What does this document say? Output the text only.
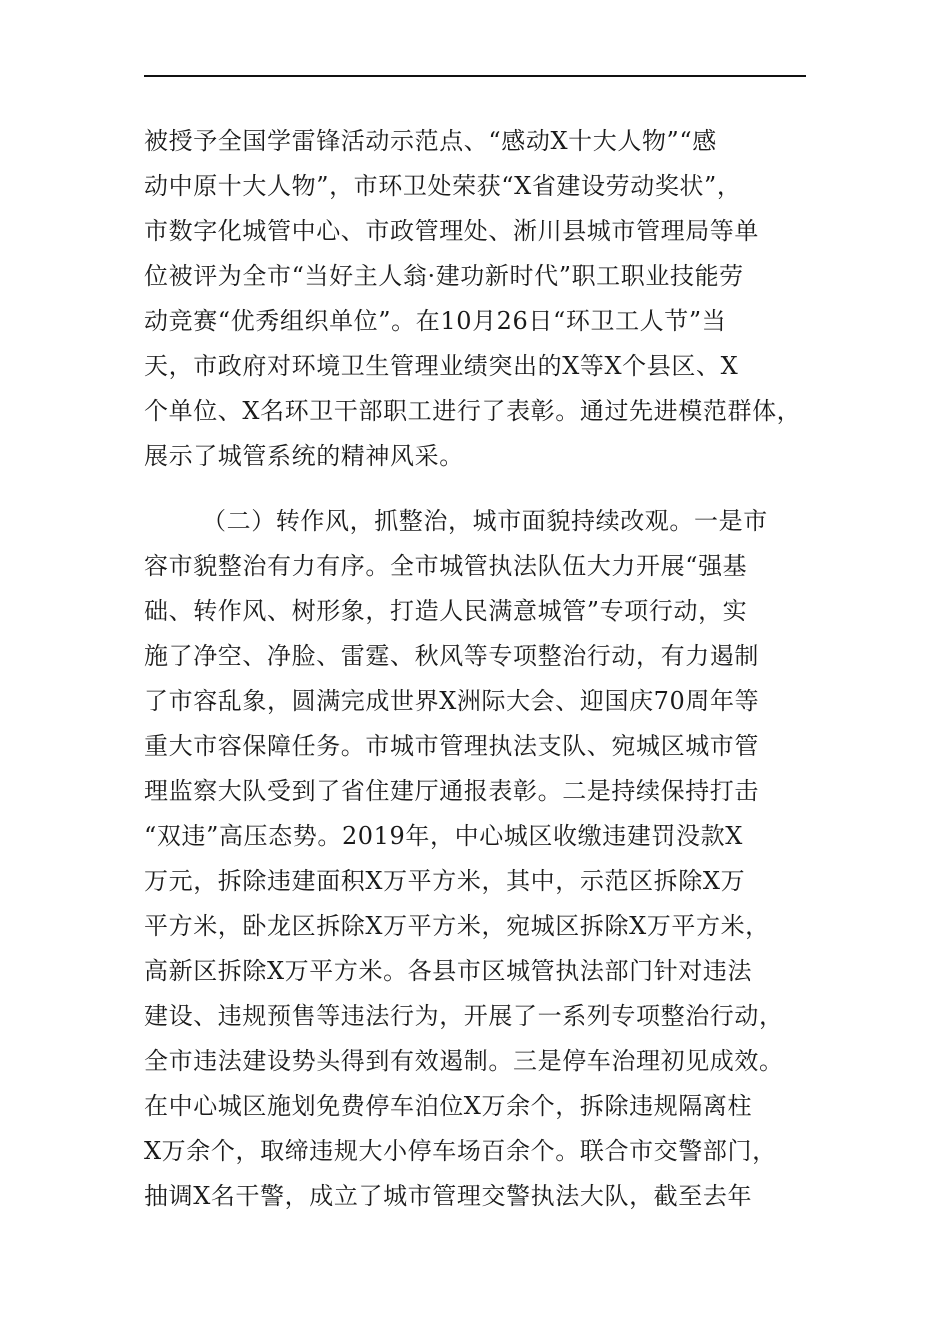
被授予全国学雷锋活动示范点、“感动X十大人物”“感
动中原十大人物”，市环卫处荣获“X省建设劳动奖状”，
市数字化城管中心、市政管理处、淅川县城市管理局等单
位被评为全市“当好主人翁·建功新时代”职工职业技能劳
动竞赛“优秀组织单位”。在10月26日“环卫工人节”当
天，市政府对环境卫生管理业绩突出的X等X个县区、X
个单位、X名环卫干部职工进行了表彰。通过先进模范群体，
展示了城管系统的精神风采。
（二）转作风，抓整治，城市面貌持续改观。一是市
容市貌整治有力有序。全市城管执法队伍大力开展“强基
础、转作风、树形象，打造人民满意城管”专项行动，实
施了净空、净脸、雷霆、秋风等专项整治行动，有力遏制
了市容乱象，圆满完成世界X洲际大会、迎国庆70周年等
重大市容保障任务。市城市管理执法支队、宛城区城市管
理监察大队受到了省住建厅通报表彰。二是持续保持打击
“双违”高压态势。2019年，中心城区收缴违建罚没款X
万元，拆除违建面积X万平方米，其中，示范区拆除X万
平方米，卧龙区拆除X万平方米，宛城区拆除X万平方米，
高新区拆除X万平方米。各县市区城管执法部门针对违法
建设、违规预售等违法行为，开展了一系列专项整治行动，
全市违法建设势头得到有效遏制。三是停车治理初见成效。
在中心城区施划免费停车泊位X万余个，拆除违规隔离柱
X万余个，取缔违规大小停车场百余个。联合市交警部门，
抽调X名干警，成立了城市管理交警执法大队，截至去年
